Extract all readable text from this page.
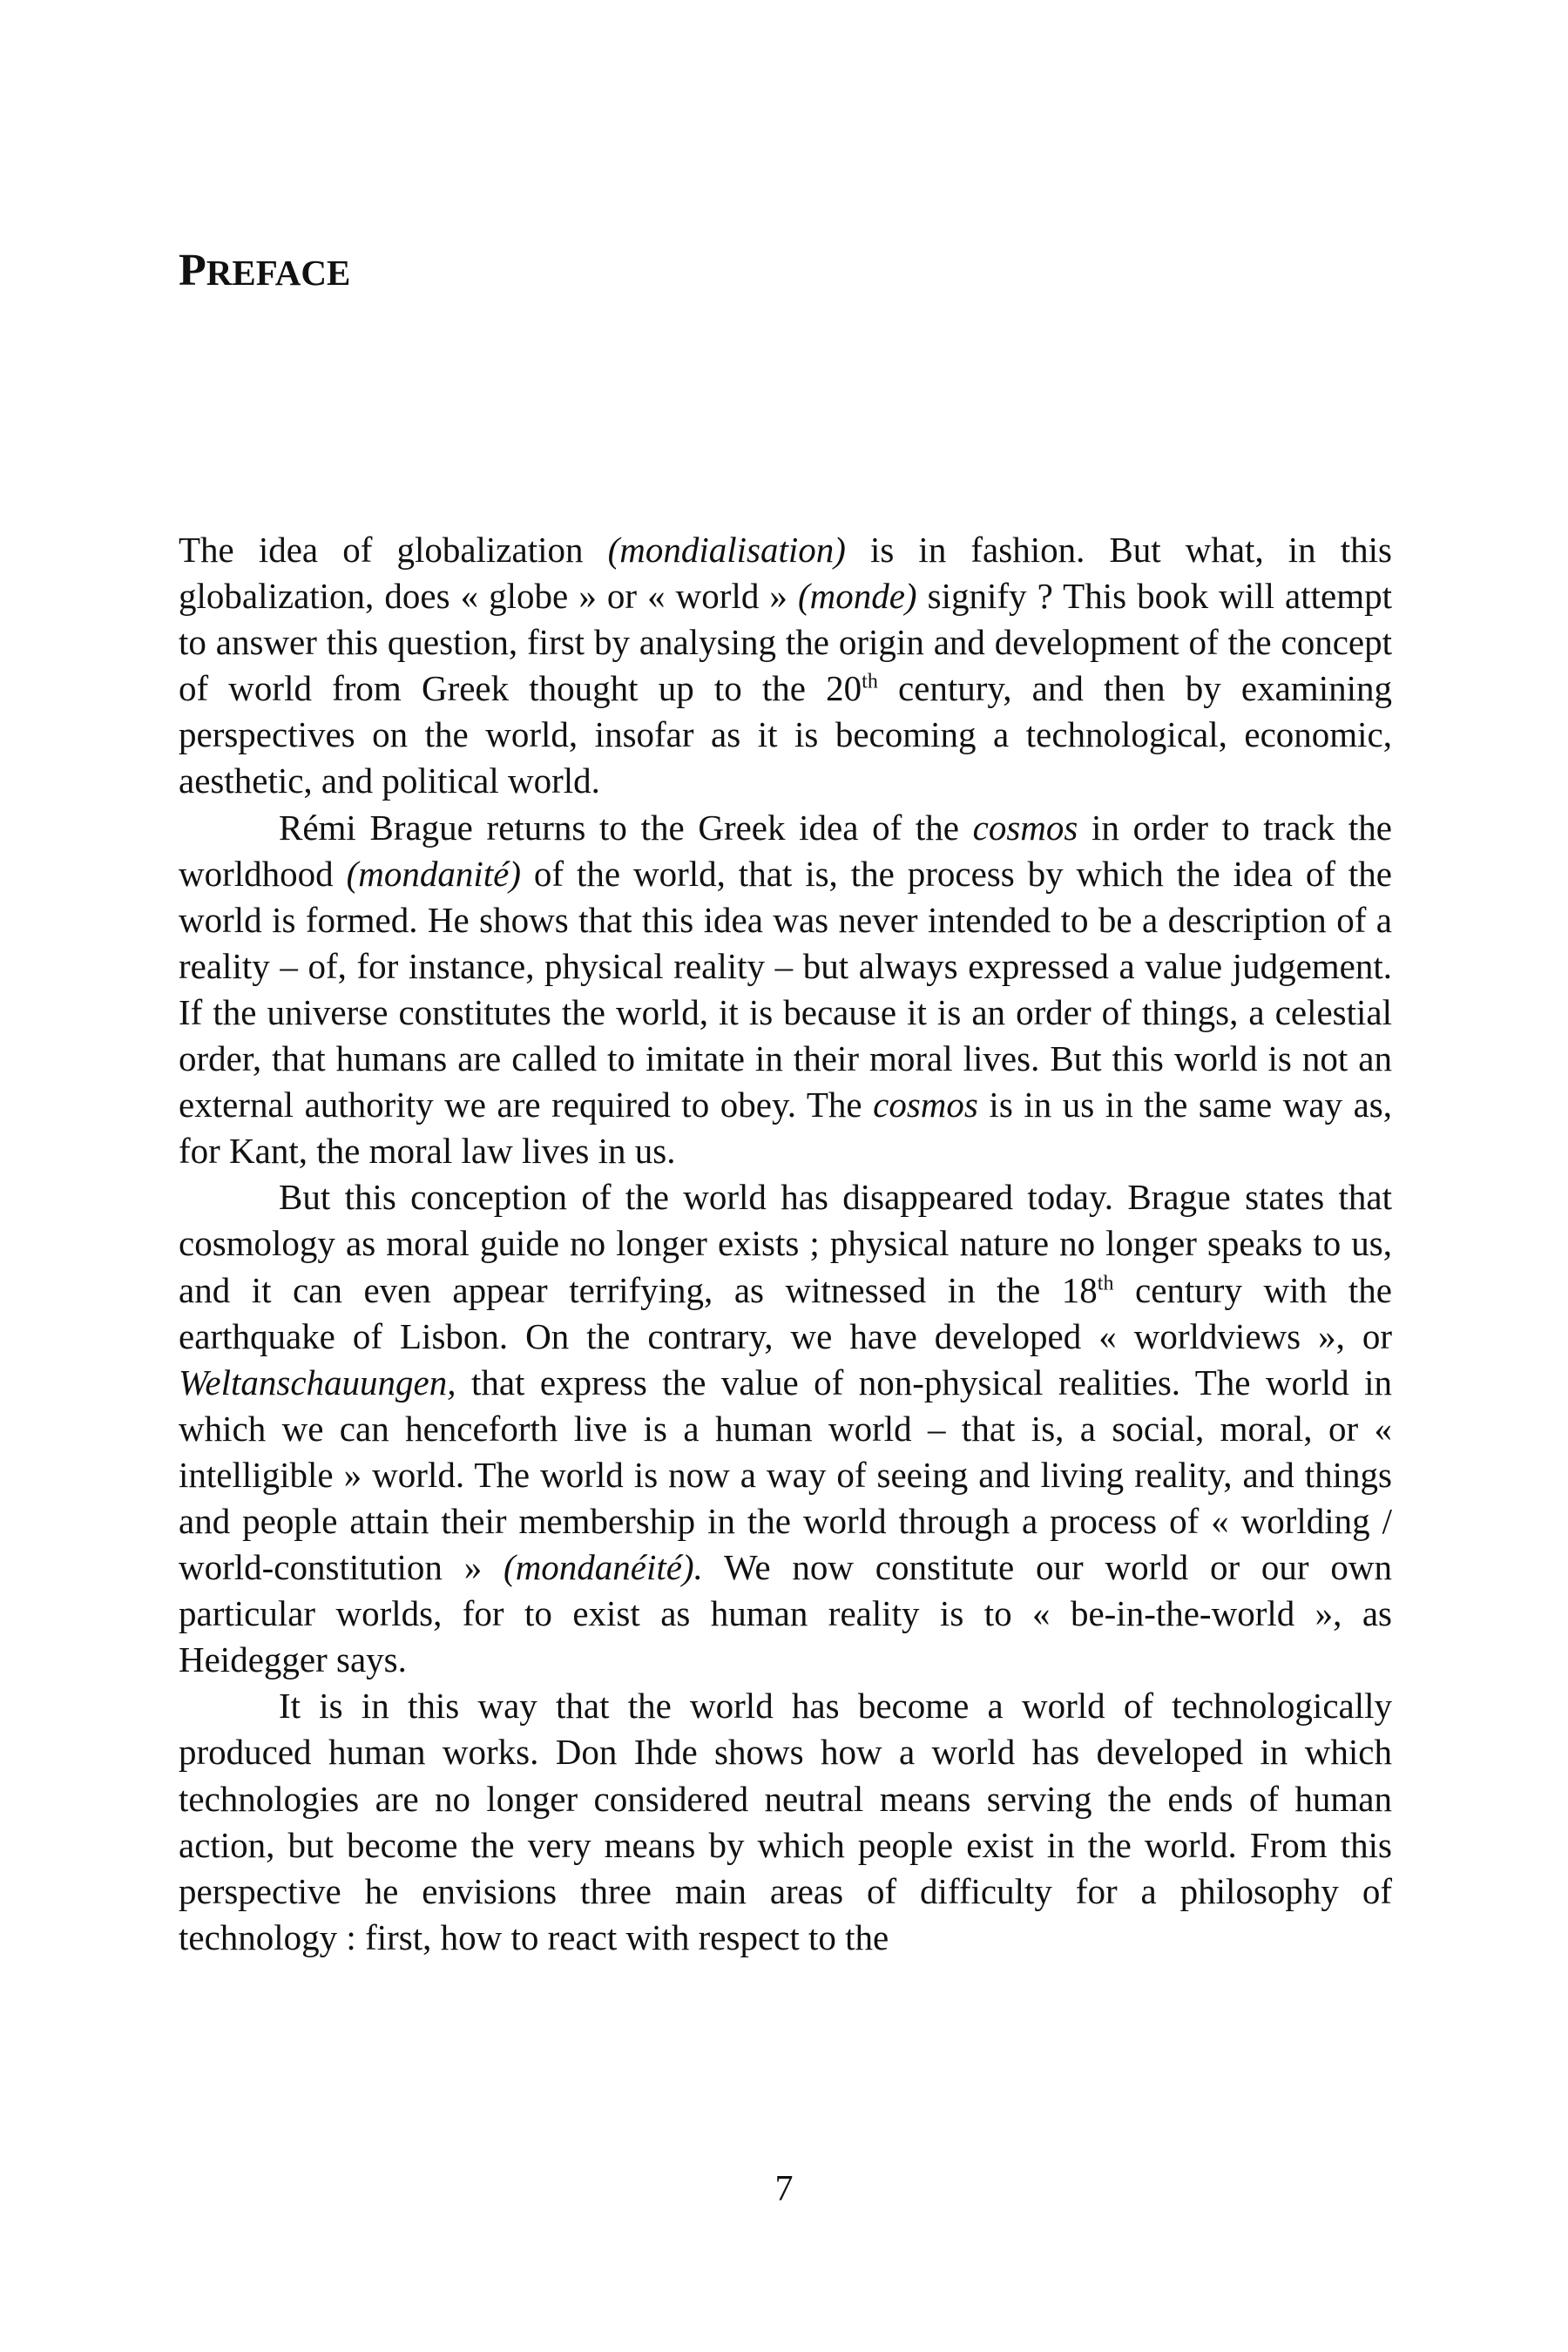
PREFACE

The idea of globalization (mondialisation) is in fashion. But what, in this globalization, does « globe » or « world » (monde) signify ? This book will attempt to answer this question, first by analysing the origin and development of the concept of world from Greek thought up to the 20th century, and then by examining perspectives on the world, insofar as it is becoming a technological, economic, aesthetic, and political world.

Rémi Brague returns to the Greek idea of the cosmos in order to track the worldhood (mondanité) of the world, that is, the process by which the idea of the world is formed. He shows that this idea was never intended to be a description of a reality – of, for instance, physical reality – but always expressed a value judgement. If the universe constitutes the world, it is because it is an order of things, a celestial order, that humans are called to imitate in their moral lives. But this world is not an external authority we are required to obey. The cosmos is in us in the same way as, for Kant, the moral law lives in us.

But this conception of the world has disappeared today. Brague states that cosmology as moral guide no longer exists ; physical nature no longer speaks to us, and it can even appear terrifying, as witnessed in the 18th century with the earthquake of Lisbon. On the contrary, we have developed « worldviews », or Weltanschauungen, that express the value of non-physical realities. The world in which we can henceforth live is a human world – that is, a social, moral, or « intelligible » world. The world is now a way of seeing and living reality, and things and people attain their membership in the world through a process of « worlding / world-constitution » (mondanéité). We now constitute our world or our own particular worlds, for to exist as human reality is to « be-in-the-world », as Heidegger says.

It is in this way that the world has become a world of technologically produced human works. Don Ihde shows how a world has developed in which technologies are no longer considered neutral means serving the ends of human action, but become the very means by which people exist in the world. From this perspective he envisions three main areas of difficulty for a philosophy of technology : first, how to react with respect to the

7
